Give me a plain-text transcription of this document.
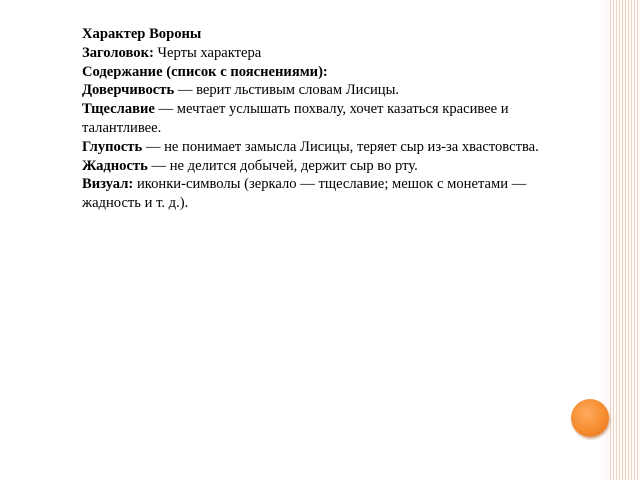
Характер Вороны

Заголовок: Черты характера

Содержание (список с пояснениями):

Доверчивость — верит льстивым словам Лисицы.

Тщеславие — мечтает услышать похвалу, хочет казаться красивее и талантливее.

Глупость — не понимает замысла Лисицы, теряет сыр из-за хвастовства.

Жадность — не делится добычей, держит сыр во рту.

Визуал: иконки-символы (зеркало — тщеславие; мешок с монетами — жадность и т. д.).
